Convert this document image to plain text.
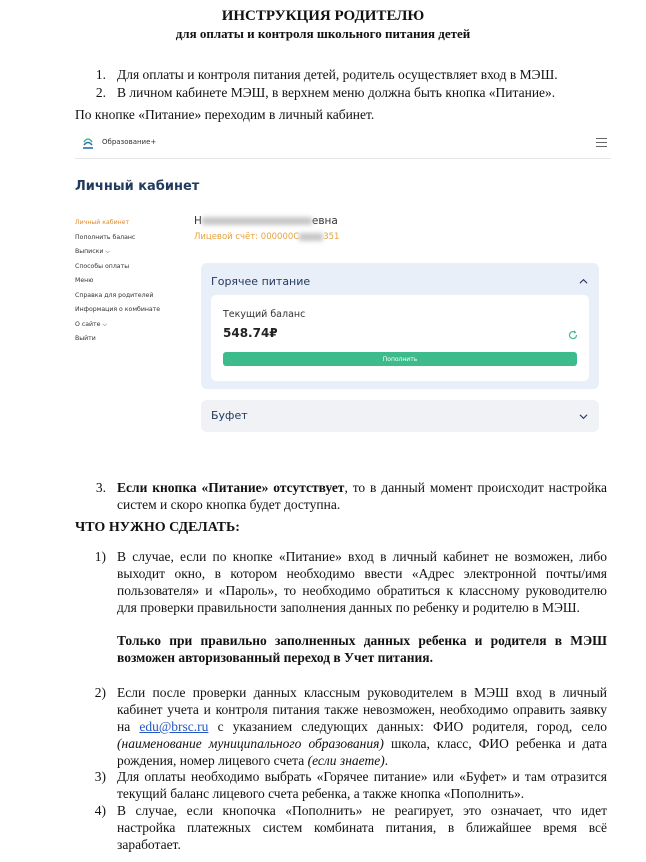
ИНСТРУКЦИЯ РОДИТЕЛЮ
для оплаты и контроля школьного питания детей
1. Для оплаты и контроля питания детей, родитель осуществляет вход в МЭШ.
2. В личном кабинете МЭШ, в верхнем меню должна быть кнопка «Питание».
По кнопке «Питание» переходим в личный кабинет.
Образование+
Личный кабинет
Личный кабинет
Пополнить баланс
Выписки ⌵
Способы оплаты
Меню
Справка для родителей
Информация о комбинате
О сайте ⌵
Выйти
Н	евна
Лицевой счёт: 000000С	351
Горячее питание
Текущий баланс
548.74₽
Пополнить
Буфет
3. Если кнопка «Питание» отсутствует, то в данный момент происходит настройка систем и скоро кнопка будет доступна.
ЧТО НУЖНО СДЕЛАТЬ:
1) В случае, если по кнопке «Питание» вход в личный кабинет не возможен, либо выходит окно, в котором необходимо ввести «Адрес электронной почты/имя пользователя» и «Пароль», то необходимо обратиться к классному руководителю для проверки правильности заполнения данных по ребенку и родителю в МЭШ.
Только при правильно заполненных данных ребенка и родителя в МЭШ возможен авторизованный переход в Учет питания.
2) Если после проверки данных классным руководителем в МЭШ вход в личный кабинет учета и контроля питания также невозможен, необходимо оправить заявку на edu@brsc.ru с указанием следующих данных: ФИО родителя, город, село (наименование муниципального образования) школа, класс, ФИО ребенка и дата рождения, номер лицевого счета (если знаете).
3) Для оплаты необходимо выбрать «Горячее питание» или «Буфет» и там отразится текущий баланс лицевого счета ребенка, а также кнопка «Пополнить».
4) В случае, если кнопочка «Пополнить» не реагирует, это означает, что идет настройка платежных систем комбината питания, в ближайшее время всё заработает.
